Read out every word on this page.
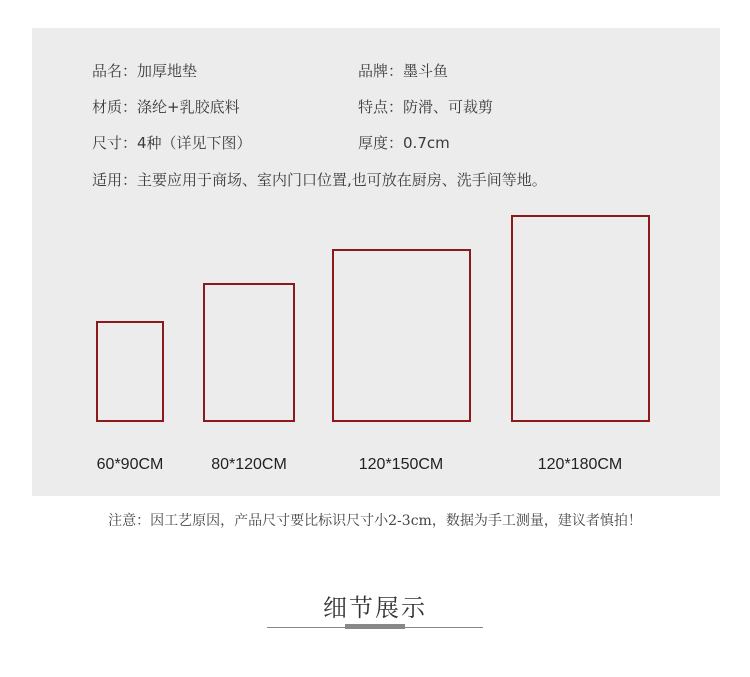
品名：加厚地垫	品牌：墨斗鱼
材质：涤纶+乳胶底料	特点：防滑、可裁剪
尺寸：4种（详见下图）	厚度：0.7cm
适用：主要应用于商场、室内门口位置,也可放在厨房、洗手间等地。
60*90CM	80*120CM	120*150CM	120*180CM
注意：因工艺原因，产品尺寸要比标识尺寸小2-3cm，数据为手工测量，建议者慎拍！
细节展示
